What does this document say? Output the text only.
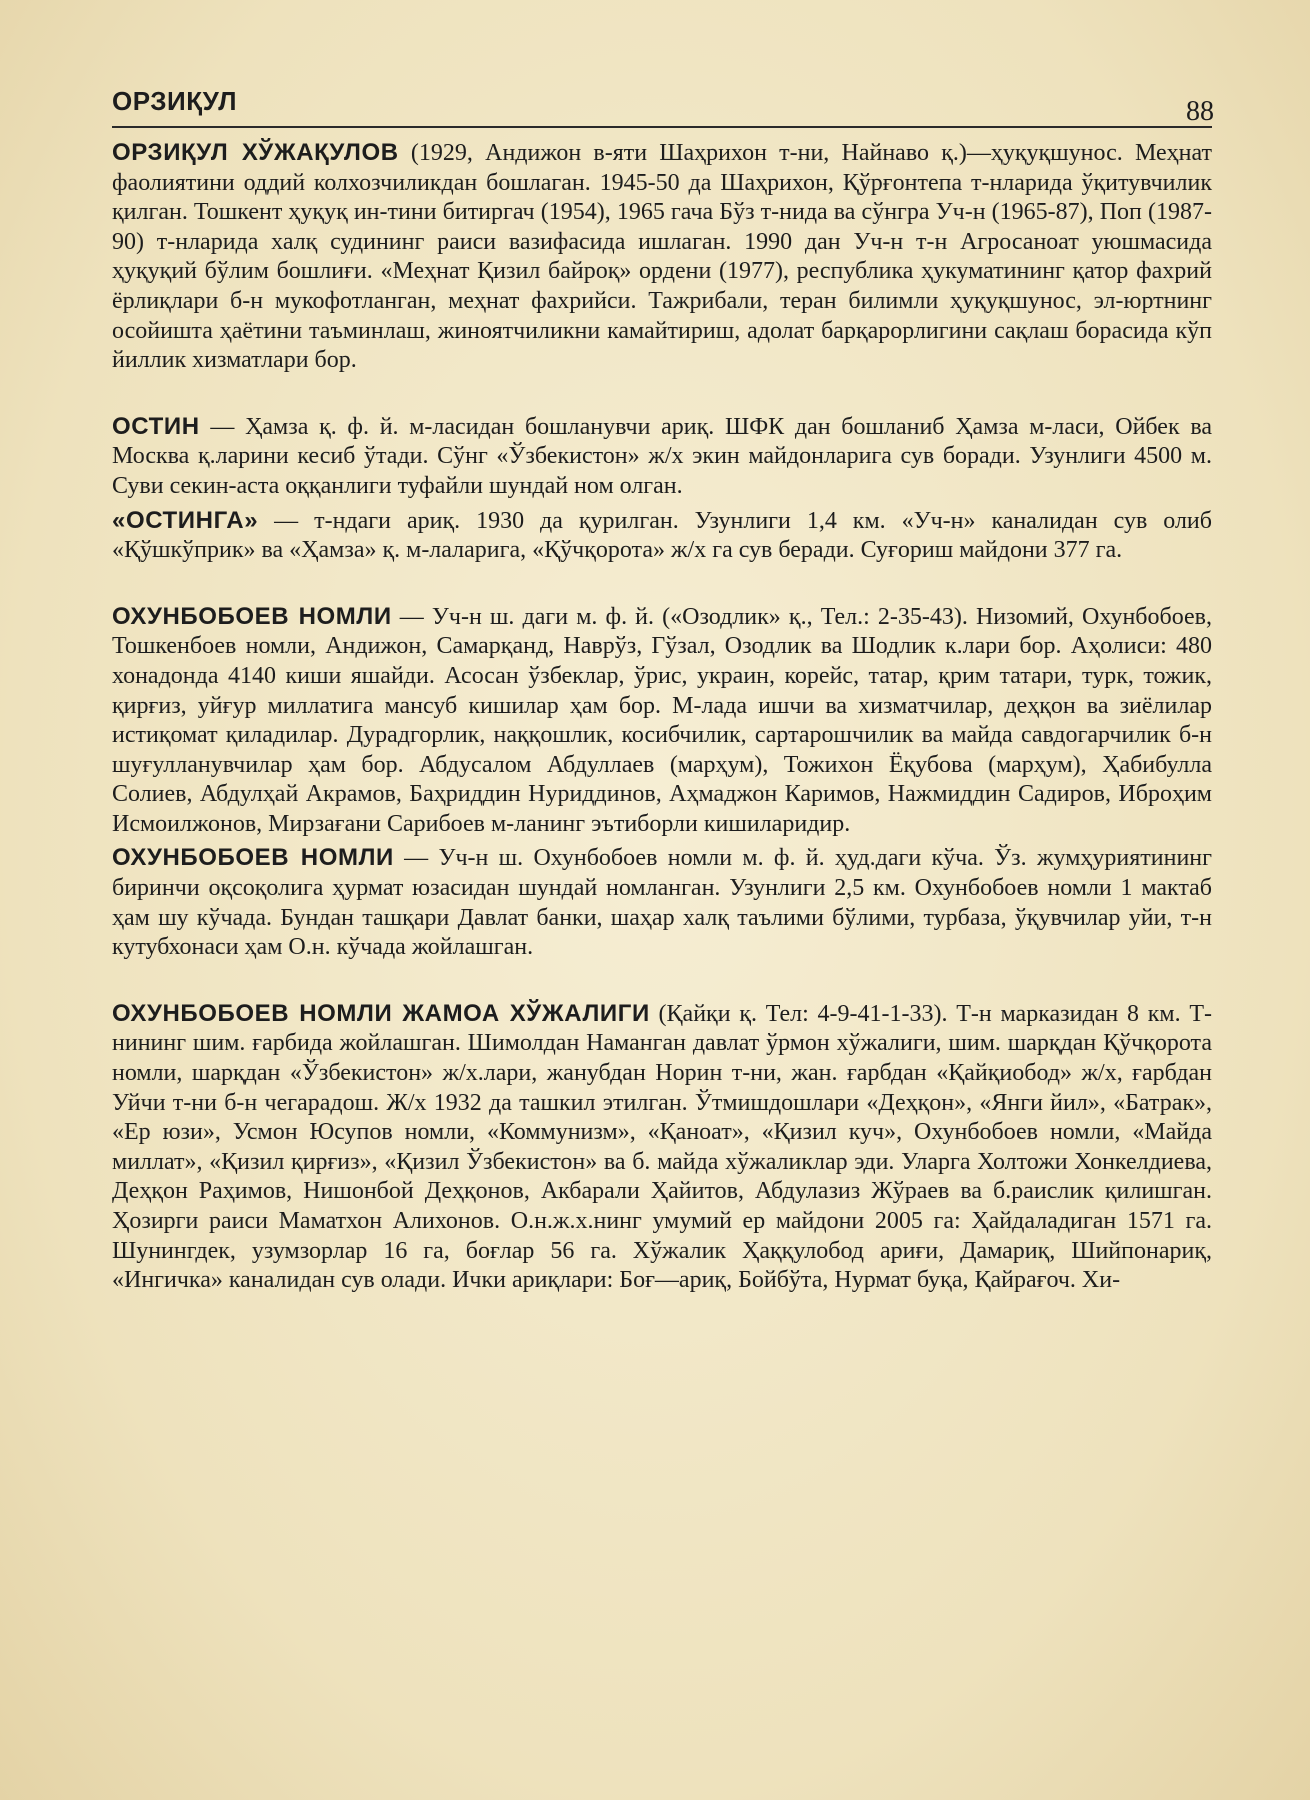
ОРЗИҚУЛ	88

ОРЗИҚУЛ ХЎЖАҚУЛОВ (1929, Андижон в-яти Шаҳрихон т-ни, Найнаво қ.)—ҳуқуқшунос. Меҳнат фаолиятини оддий колхозчиликдан бошлаган. 1945-50 да Шаҳрихон, Қўрғонтепа т-нларида ўқитувчилик қилган. Тошкент ҳуқуқ ин-тини битиргач (1954), 1965 гача Бўз т-нида ва сўнгра Уч-н (1965-87), Поп (1987-90) т-нларида халқ судининг раиси вазифасида ишлаган. 1990 дан Уч-н т-н Агросаноат уюшмасида ҳуқуқий бўлим бошлиғи. «Меҳнат Қизил байроқ» ордени (1977), республика ҳукуматининг қатор фахрий ёрлиқлари б-н мукофотланган, меҳнат фахрийси. Тажрибали, теран билимли ҳуқуқшунос, эл-юртнинг осойишта ҳаётини таъминлаш, жиноятчиликни камайтириш, адолат барқарорлигини сақлаш борасида кўп йиллик хизматлари бор.

ОСТИН — Ҳамза қ. ф. й. м-ласидан бошланувчи ариқ. ШФК дан бошланиб Ҳамза м-ласи, Ойбек ва Москва қ.ларини кесиб ўтади. Сўнг «Ўзбекистон» ж/х экин майдонларига сув боради. Узунлиги 4500 м. Суви секин-аста оққанлиги туфайли шундай ном олган.

«ОСТИНГА» — т-ндаги ариқ. 1930 да қурилган. Узунлиги 1,4 км. «Уч-н» каналидан сув олиб «Қўшкўприк» ва «Ҳамза» қ. м-лаларига, «Қўчқорота» ж/х га сув беради. Суғориш майдони 377 га.

ОХУНБОБОЕВ НОМЛИ — Уч-н ш. даги м. ф. й. («Озодлик» қ., Тел.: 2-35-43). Низомий, Охунбобоев, Тошкенбоев номли, Андижон, Самарқанд, Наврўз, Гўзал, Озодлик ва Шодлик к.лари бор. Аҳолиси: 480 хонадонда 4140 киши яшайди. Асосан ўзбеклар, ўрис, украин, корейс, татар, қрим татари, турк, тожик, қирғиз, уйғур миллатига мансуб кишилар ҳам бор. М-лада ишчи ва хизматчилар, деҳқон ва зиёлилар истиқомат қиладилар. Дурадгорлик, наққошлик, косибчилик, сартарошчилик ва майда савдогарчилик б-н шуғулланувчилар ҳам бор. Абдусалом Абдуллаев (марҳум), Тожихон Ёқубова (марҳум), Ҳабибулла Солиев, Абдулҳай Акрамов, Баҳриддин Нуриддинов, Аҳмаджон Каримов, Нажмиддин Садиров, Иброҳим Исмоилжонов, Мирзағани Сарибоев м-ланинг эътиборли кишиларидир.

ОХУНБОБОЕВ НОМЛИ — Уч-н ш. Охунбобоев номли м. ф. й. ҳуд.даги кўча. Ўз. жумҳуриятининг биринчи оқсоқолига ҳурмат юзасидан шундай номланган. Узунлиги 2,5 км. Охунбобоев номли 1 мактаб ҳам шу кўчада. Бундан ташқари Давлат банки, шаҳар халқ таълими бўлими, турбаза, ўқувчилар уйи, т-н кутубхонаси ҳам О.н. кўчада жойлашган.

ОХУНБОБОЕВ НОМЛИ ЖАМОА ХЎЖАЛИГИ (Қайқи қ. Тел: 4-9-41-1-33). Т-н марказидан 8 км. Т-нининг шим. ғарбида жойлашган. Шимолдан Наманган давлат ўрмон хўжалиги, шим. шарқдан Қўчқорота номли, шарқдан «Ўзбекистон» ж/х.лари, жанубдан Норин т-ни, жан. ғарбдан «Қайқиобод» ж/х, ғарбдан Уйчи т-ни б-н чегарадош. Ж/х 1932 да ташкил этилган. Ўтмишдошлари «Деҳқон», «Янги йил», «Батрак», «Ер юзи», Усмон Юсупов номли, «Коммунизм», «Қаноат», «Қизил куч», Охунбобоев номли, «Майда миллат», «Қизил қирғиз», «Қизил Ўзбекистон» ва б. майда хўжаликлар эди. Уларга Холтожи Хонкелдиева, Деҳқон Раҳимов, Нишонбой Деҳқонов, Акбарали Ҳайитов, Абдулазиз Жўраев ва б.раислик қилишган. Ҳозирги раиси Маматхон Алихонов. О.н.ж.х.нинг умумий ер майдони 2005 га: Ҳайдаладиган 1571 га. Шунингдек, узумзорлар 16 га, боғлар 56 га. Хўжалик Ҳаққулобод ариғи, Дамариқ, Шийпонариқ, «Ингичка» каналидан сув олади. Ички ариқлари: Боғ—ариқ, Бойбўта, Нурмат буқа, Қайрағоч. Хи-
